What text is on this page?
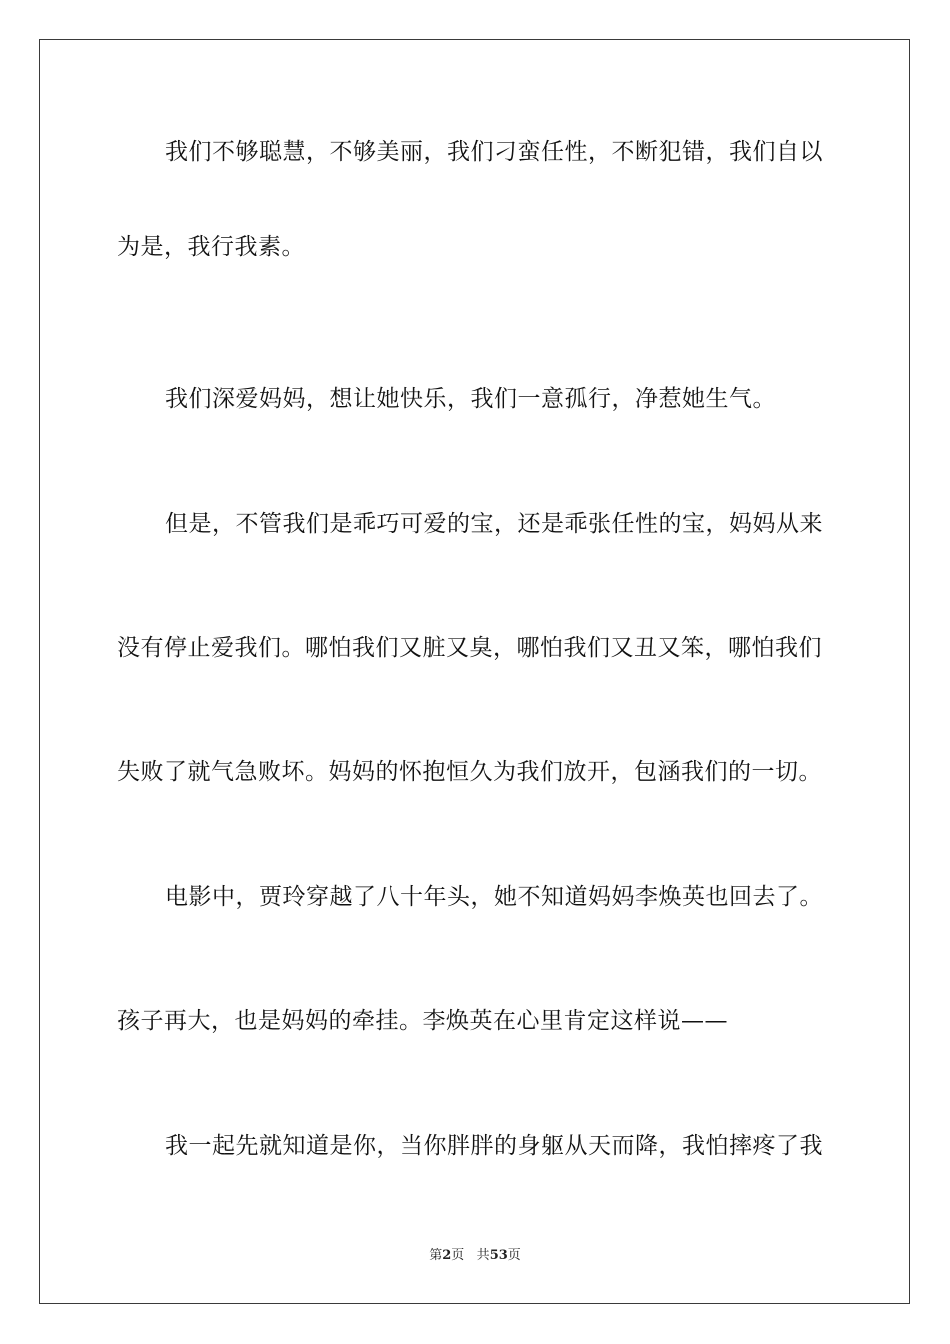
我们不够聪慧，不够美丽，我们刁蛮任性，不断犯错，我们自以
为是，我行我素。
我们深爱妈妈，想让她快乐，我们一意孤行，净惹她生气。
但是，不管我们是乖巧可爱的宝，还是乖张任性的宝，妈妈从来
没有停止爱我们。哪怕我们又脏又臭，哪怕我们又丑又笨，哪怕我们
失败了就气急败坏。妈妈的怀抱恒久为我们放开，包涵我们的一切。
电影中，贾玲穿越了八十年头，她不知道妈妈李焕英也回去了。
孩子再大，也是妈妈的牵挂。李焕英在心里肯定这样说——
我一起先就知道是你，当你胖胖的身躯从天而降，我怕摔疼了我
第2页 共53页
